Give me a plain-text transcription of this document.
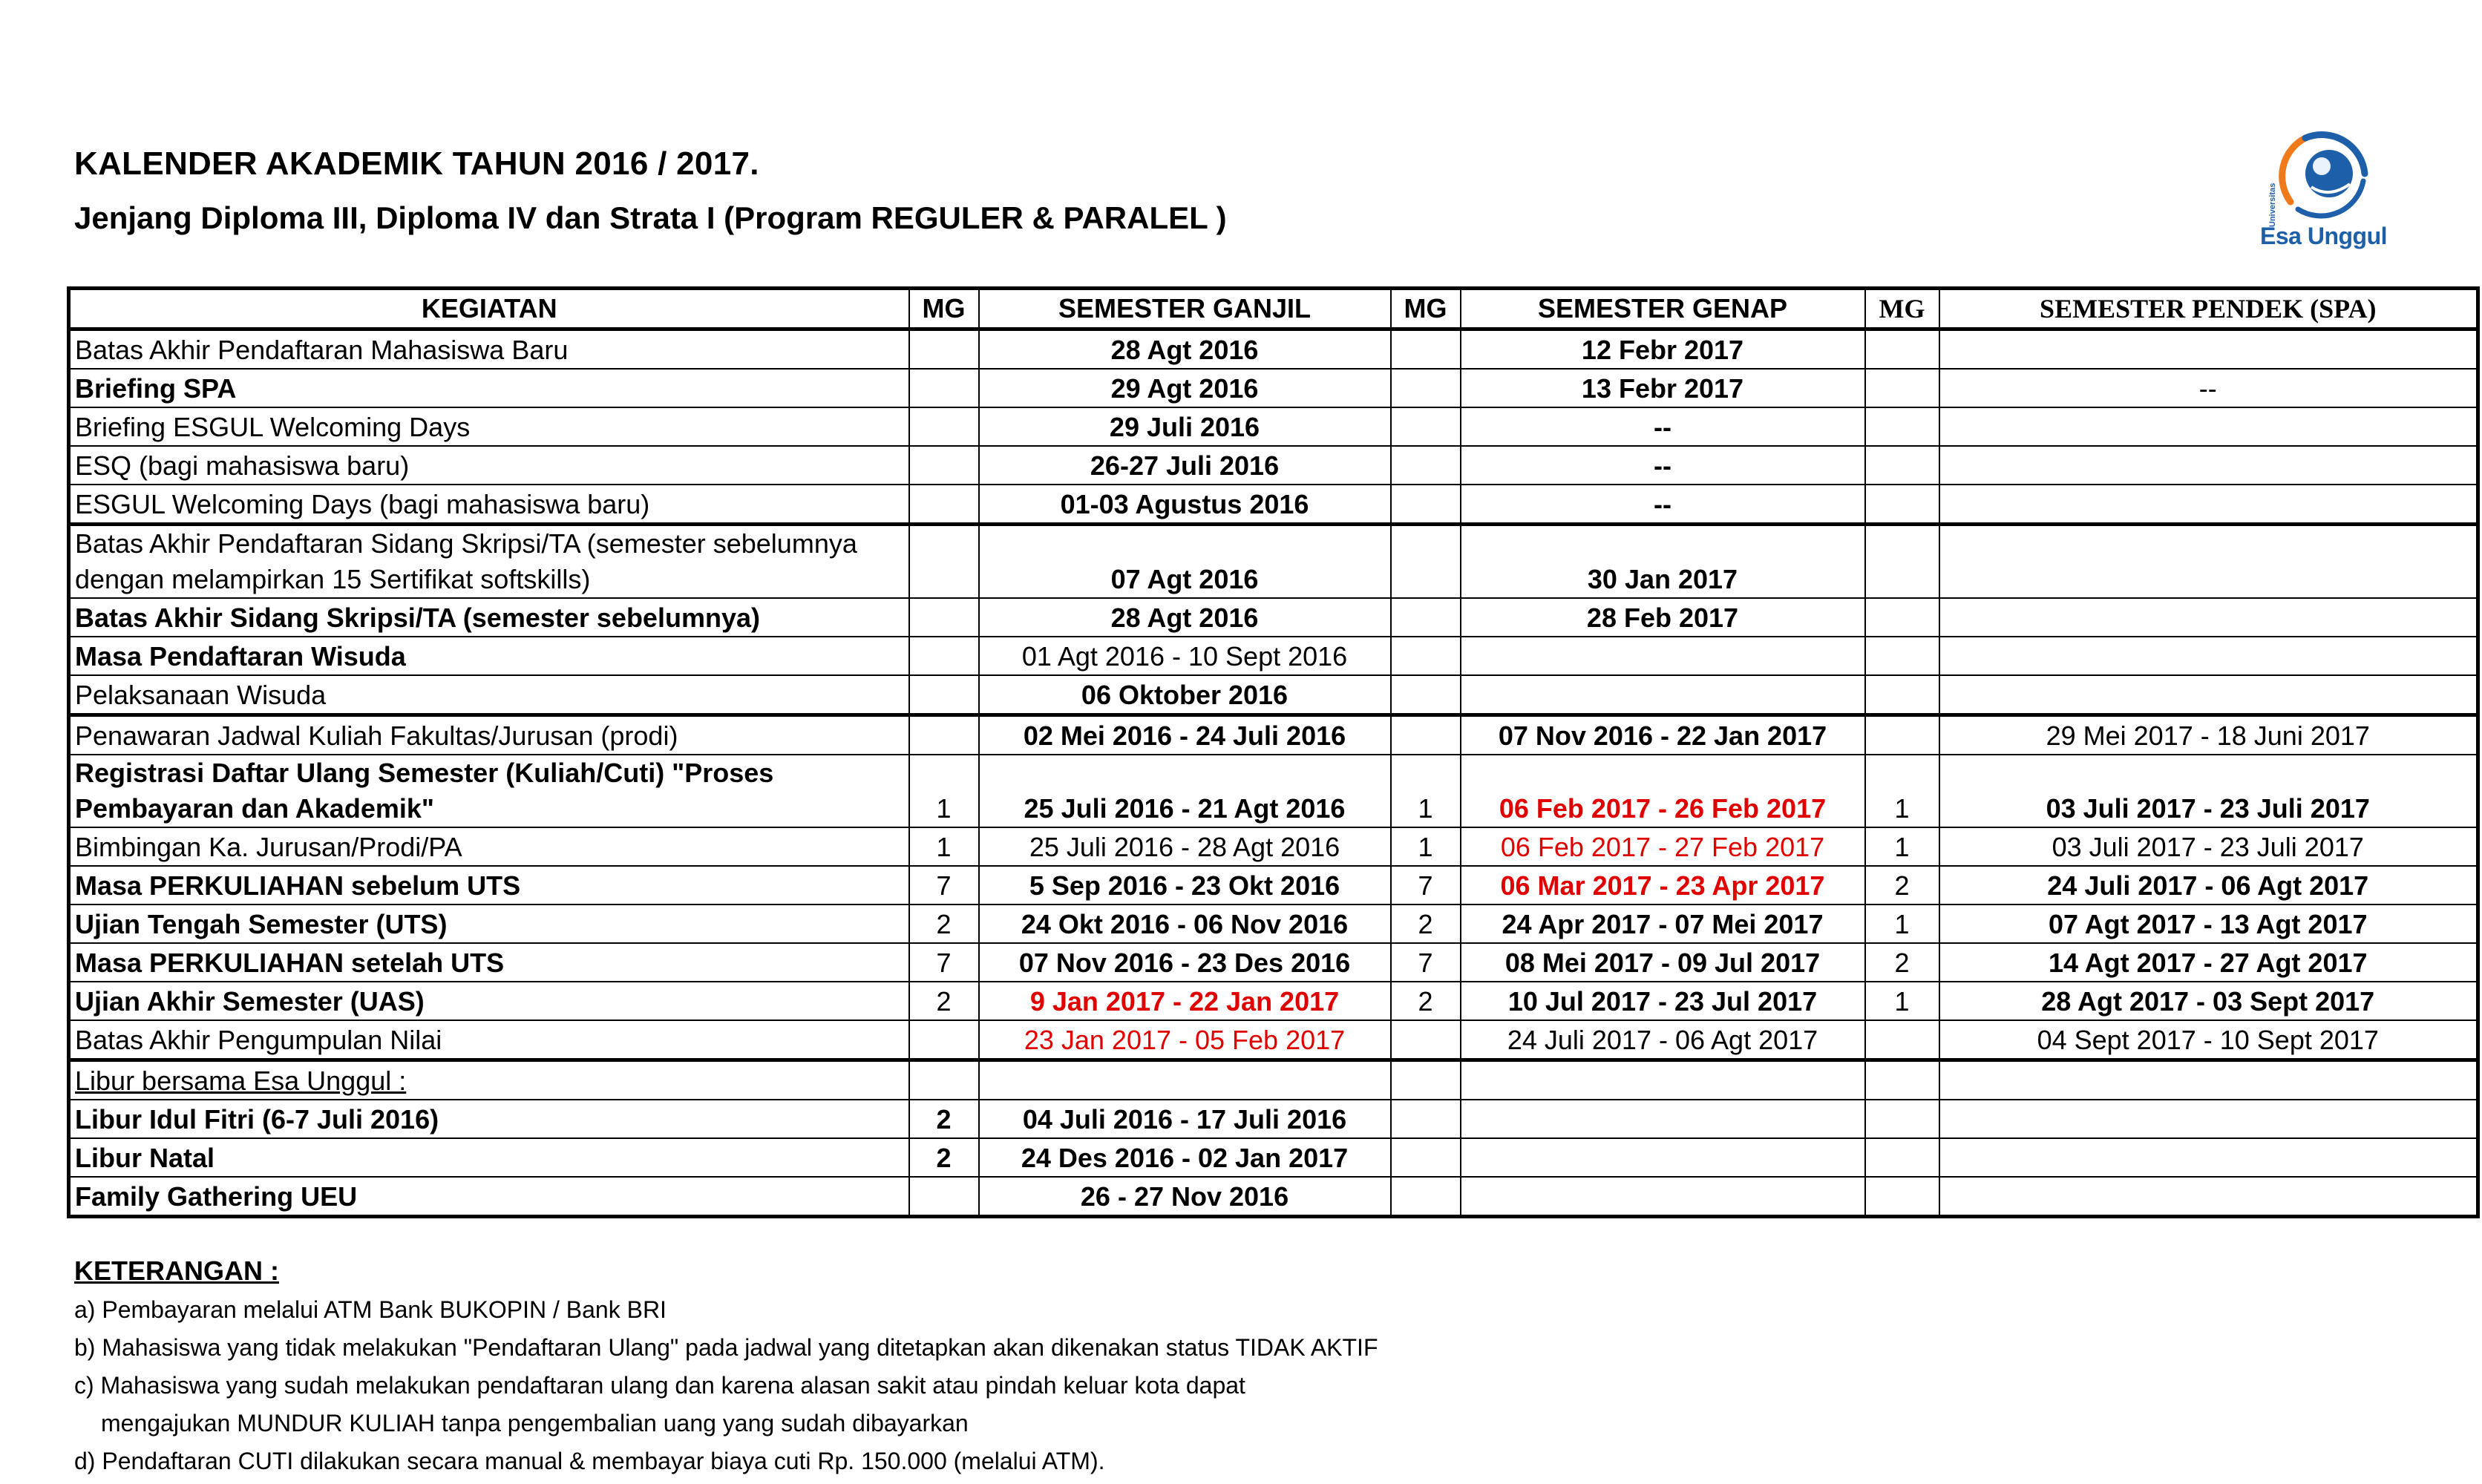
KALENDER AKADEMIK TAHUN 2016 / 2017.
Jenjang Diploma III, Diploma IV dan Strata I (Program REGULER & PARALEL )	Universitas
Esa Unggul
KEGIATAN	MG	SEMESTER GANJIL	MG	SEMESTER GENAP	MG	SEMESTER PENDEK (SPA)
Batas Akhir Pendaftaran Mahasiswa Baru		28 Agt 2016		12 Febr 2017		
Briefing SPA		29 Agt 2016		13 Febr 2017		--
Briefing ESGUL Welcoming Days		29 Juli 2016		--		
ESQ (bagi mahasiswa baru)		26-27 Juli 2016		--		
ESGUL Welcoming Days (bagi mahasiswa baru)		01-03 Agustus 2016		--		
Batas Akhir Pendaftaran Sidang Skripsi/TA (semester sebelumnya dengan melampirkan 15 Sertifikat softskills)		07 Agt 2016		30 Jan 2017		
Batas Akhir Sidang Skripsi/TA (semester sebelumnya)		28 Agt 2016		28 Feb 2017		
Masa Pendaftaran Wisuda		01 Agt 2016 - 10 Sept 2016				
Pelaksanaan Wisuda		06 Oktober 2016				
Penawaran Jadwal Kuliah Fakultas/Jurusan (prodi)		02 Mei 2016 - 24 Juli 2016		07 Nov 2016 - 22 Jan 2017		29 Mei 2017 - 18 Juni 2017
Registrasi Daftar Ulang Semester (Kuliah/Cuti) "Proses Pembayaran dan Akademik"	1	25 Juli 2016 - 21 Agt 2016	1	06 Feb 2017 - 26 Feb 2017	1	03 Juli 2017 - 23 Juli 2017
Bimbingan Ka. Jurusan/Prodi/PA	1	25 Juli 2016 - 28 Agt 2016	1	06 Feb 2017 - 27 Feb 2017	1	03 Juli 2017 - 23 Juli 2017
Masa PERKULIAHAN sebelum UTS	7	5 Sep 2016 - 23 Okt 2016	7	06 Mar 2017 - 23 Apr 2017	2	24 Juli 2017 - 06 Agt 2017
Ujian Tengah Semester (UTS)	2	24 Okt 2016 - 06 Nov 2016	2	24 Apr 2017 - 07 Mei 2017	1	07 Agt 2017 - 13 Agt 2017
Masa PERKULIAHAN setelah UTS	7	07 Nov 2016 - 23 Des 2016	7	08 Mei 2017 - 09 Jul 2017	2	14 Agt 2017 - 27 Agt 2017
Ujian Akhir Semester (UAS)	2	9 Jan 2017 - 22 Jan 2017	2	10 Jul 2017 - 23 Jul 2017	1	28 Agt 2017 - 03 Sept 2017
Batas Akhir Pengumpulan Nilai		23 Jan 2017 - 05 Feb 2017		24 Juli 2017 - 06 Agt 2017		04 Sept 2017 - 10 Sept 2017
Libur bersama Esa Unggul :						
Libur Idul Fitri (6-7 Juli 2016)	2	04 Juli 2016 - 17 Juli 2016				
Libur Natal	2	24 Des 2016 - 02 Jan 2017				
Family Gathering UEU		26 - 27 Nov 2016				
KETERANGAN :
a) Pembayaran melalui ATM Bank BUKOPIN / Bank BRI
b) Mahasiswa yang tidak melakukan "Pendaftaran Ulang" pada jadwal yang ditetapkan akan dikenakan status TIDAK AKTIF
c) Mahasiswa yang sudah melakukan pendaftaran ulang dan karena alasan sakit atau pindah keluar kota dapat
mengajukan MUNDUR KULIAH tanpa pengembalian uang yang sudah dibayarkan
d) Pendaftaran CUTI dilakukan secara manual & membayar biaya cuti Rp. 150.000 (melalui ATM).
